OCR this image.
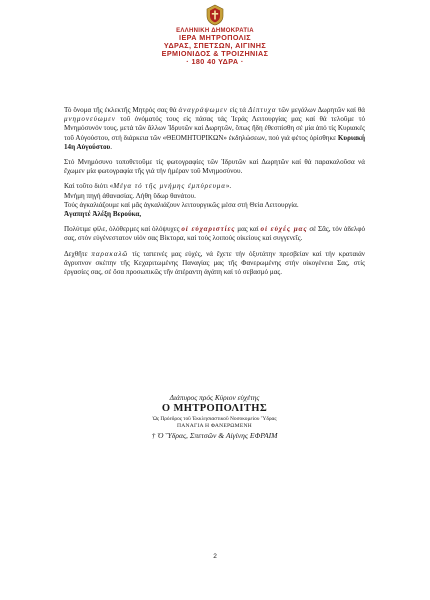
ΕΛΛΗΝΙΚΗ ΔΗΜΟΚΡΑΤΙΑ
ΙΕΡΑ ΜΗΤΡΟΠΟΛΙΣ
ΥΔΡΑΣ, ΣΠΕΤΣΩΝ, ΑΙΓΙΝΗΣ
ΕΡΜΙΟΝΙΔΟΣ & ΤΡΟΙΖΗΝΙΑΣ
· 180 40 ΥΔΡΑ ·

Τό ὄνομα τῆς ἐκλεκτῆς Μητρός σας θά ἀναγράψωμεν εἰς τά Δίπτυχα τῶν μεγάλων Δωρητῶν καί θά μνημονεύωμεν τοῦ ὀνόματός τους εἰς πάσας τάς Ἱεράς Λειτουργίας μας καί θά τελοῦμε τό Μνημόσυνόν τους, μετά τῶν ἄλλων Ἱδρυτῶν καί Δωρητῶν, ὅπως ἤδη ἐθεσπίσθη σέ μία ἀπό τίς Κυριακές τοῦ Αὐγούστου, στή διάρκεια τῶν «ΘΕΟΜΗΤΟΡΙΚΩΝ» ἐκδηλώσεων, πού γιά φέτος ὁρίσθηκε Κυριακή 14η Αὐγούστου.

Στό Μνημόσυνο τοποθετοῦμε τίς φωτογραφίες τῶν Ἱδρυτῶν καί Δωρητῶν καί θά παρακαλοῦσα νά ἔχωμεν μία φωτογραφία τῆς γιά τήν ἡμέραν τοῦ Μνημοσύνου.

Καί τοῦτο διότι «Μέγα τό τῆς μνήμης ἐμπύρευμα».

Μνήμη πηγή ἀθανασίας. Λήθη ὕδωρ θανάτου.

Τούς ἀγκαλιάζουμε καί μᾶς ἀγκαλιάζουν λειτουργικῶς μέσα στή Θεία Λειτουργία.

Ἀγαπητέ Ἀλέξη Βερούκα,

Πολύτιμε φίλε, ὁλόθερμες καί ὁλόψυχες οἱ εὐχαριστίες μας καί οἱ εὐχές μας σέ Σᾶς, τόν ἀδελφό σας, στόν εὐγένεστατον υἱόν σας Βίκτορα, καί τούς λοιπούς οἰκείους καί συγγενεῖς.

Δεχθῆτε παρακαλῶ τίς ταπεινές μας εὐχές, νά ἔχετε τήν ὀξυτάτην πρεσβείαν καί τήν κραταιάν ἄγρυπνον σκέπην τῆς Κεχαριτωμένης Παναγίας μας τῆς Φανερωμένης στήν οἰκογένεια Σας, στίς ἐργασίες σας, σέ ὅσα προσωπικῶς τῆν ἀπέραντη ἀγάπη καί τό σεβασμό μας.

Διάπυρος πρός Κύριον εὐχέτης
Ο ΜΗΤΡΟΠΟΛΙΤΗΣ
Ὡς Πρόεδρος τοῦ Ἐκκλησιαστικοῦ Νοσοκομείου Ὕδρας
ΠΑΝΑΓΙΑ Η ΦΑΝΕΡΩΜΕΝΗ
† Ὁ Ὕδρας, Σπετσῶν & Αἰγίνης ΕΦΡΑΙΜ
2
